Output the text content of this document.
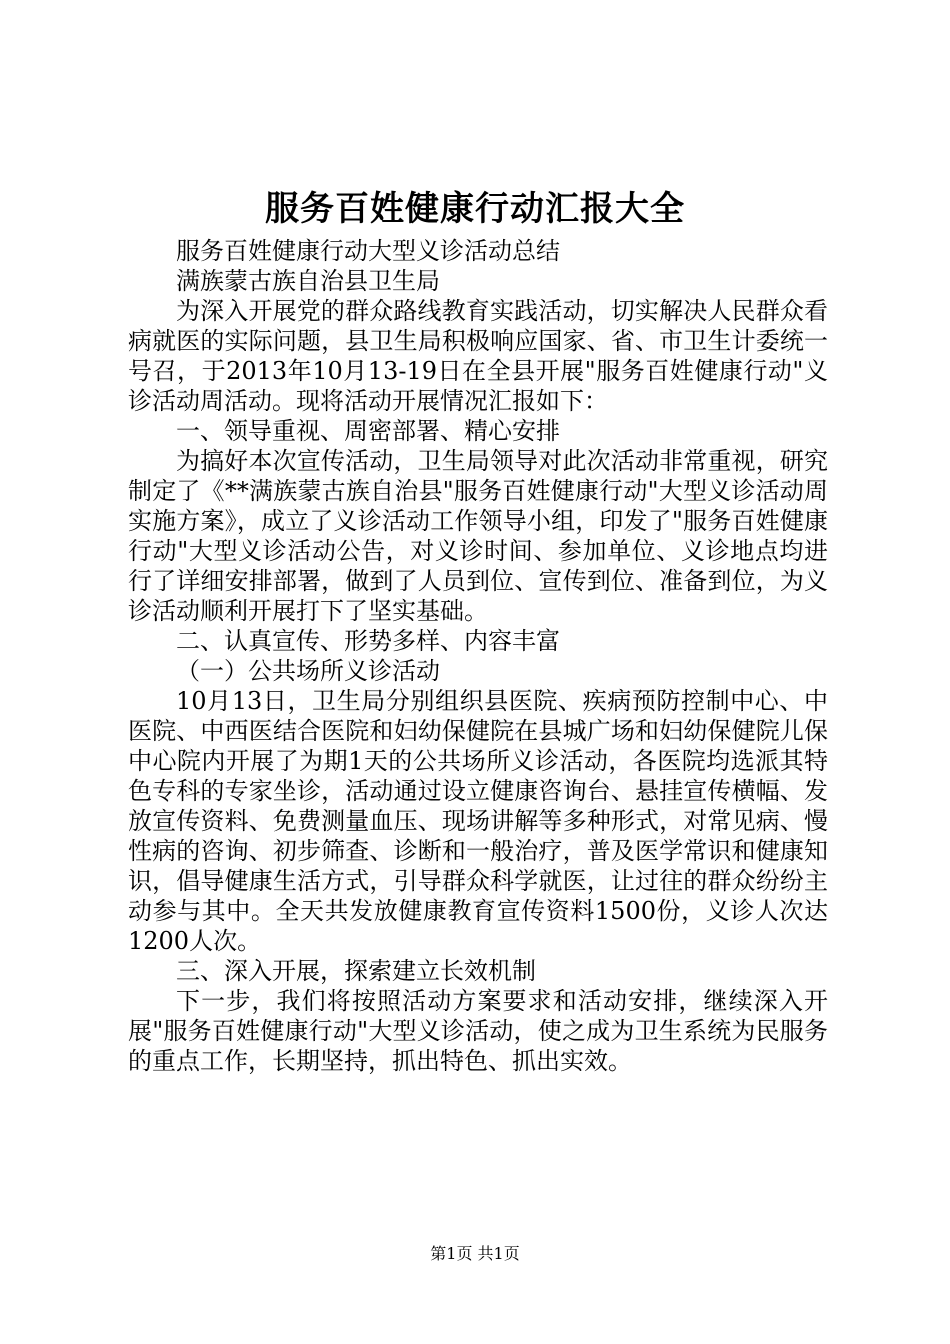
服务百姓健康行动汇报大全

服务百姓健康行动大型义诊活动总结

满族蒙古族自治县卫生局

为深入开展党的群众路线教育实践活动，切实解决人民群众看病就医的实际问题，县卫生局积极响应国家、省、市卫生计委统一号召，于2013年10月13-19日在全县开展"服务百姓健康行动"义诊活动周活动。现将活动开展情况汇报如下：

一、领导重视、周密部署、精心安排

为搞好本次宣传活动，卫生局领导对此次活动非常重视，研究制定了《**满族蒙古族自治县"服务百姓健康行动"大型义诊活动周实施方案》，成立了义诊活动工作领导小组，印发了"服务百姓健康行动"大型义诊活动公告，对义诊时间、参加单位、义诊地点均进行了详细安排部署，做到了人员到位、宣传到位、准备到位，为义诊活动顺利开展打下了坚实基础。

二、认真宣传、形势多样、内容丰富

（一）公共场所义诊活动

10月13日，卫生局分别组织县医院、疾病预防控制中心、中医院、中西医结合医院和妇幼保健院在县城广场和妇幼保健院儿保中心院内开展了为期1天的公共场所义诊活动，各医院均选派其特色专科的专家坐诊，活动通过设立健康咨询台、悬挂宣传横幅、发放宣传资料、免费测量血压、现场讲解等多种形式，对常见病、慢性病的咨询、初步筛查、诊断和一般治疗，普及医学常识和健康知识，倡导健康生活方式，引导群众科学就医，让过往的群众纷纷主动参与其中。全天共发放健康教育宣传资料1500份，义诊人次达1200人次。

三、深入开展，探索建立长效机制

下一步，我们将按照活动方案要求和活动安排，继续深入开展"服务百姓健康行动"大型义诊活动，使之成为卫生系统为民服务的重点工作，长期坚持，抓出特色、抓出实效。

第1页 共1页
